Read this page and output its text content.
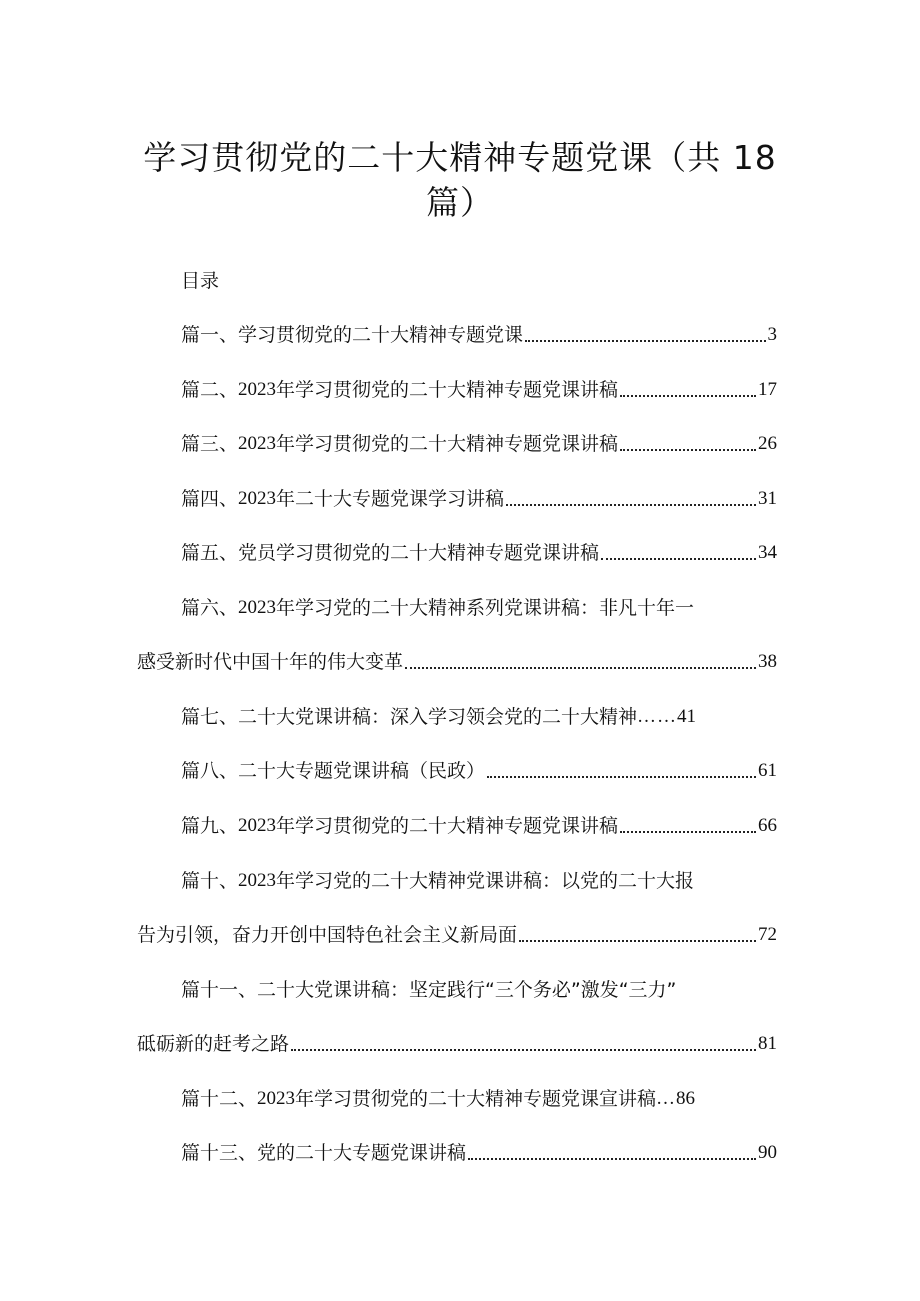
学习贯彻党的二十大精神专题党课（共 18
篇）
目录
篇一、学习贯彻党的二十大精神专题党课	3
篇二、 2023 年学习贯彻党的二十大精神专题党课讲稿	17
篇三、 2023 年学习贯彻党的二十大精神专题党课讲稿	26
篇四、 2023 年二十大专题党课学习讲稿	31
篇五、党员学习贯彻党的二十大精神专题党课讲稿	34
篇六、 2023 年学习党的二十大精神系列党课讲稿：非凡十年一
感受新时代中国十年的伟大变革	38
篇七、二十大党课讲稿：深入学习领会党的二十大精神 …… 41
篇八、二十大专题党课讲稿（民政）	61
篇九、 2023 年学习贯彻党的二十大精神专题党课讲稿	66
篇十、 2023 年学习党的二十大精神党课讲稿：以党的二十大报
告为引领，奋力开创中国特色社会主义新局面	72
篇十一、二十大党课讲稿：坚定践行“三个务必”激发“三力”
砥砺新的赶考之路	81
篇十二、 2023 年学习贯彻党的二十大精神专题党课宣讲稿 … 86
篇十三、党的二十大专题党课讲稿	90
